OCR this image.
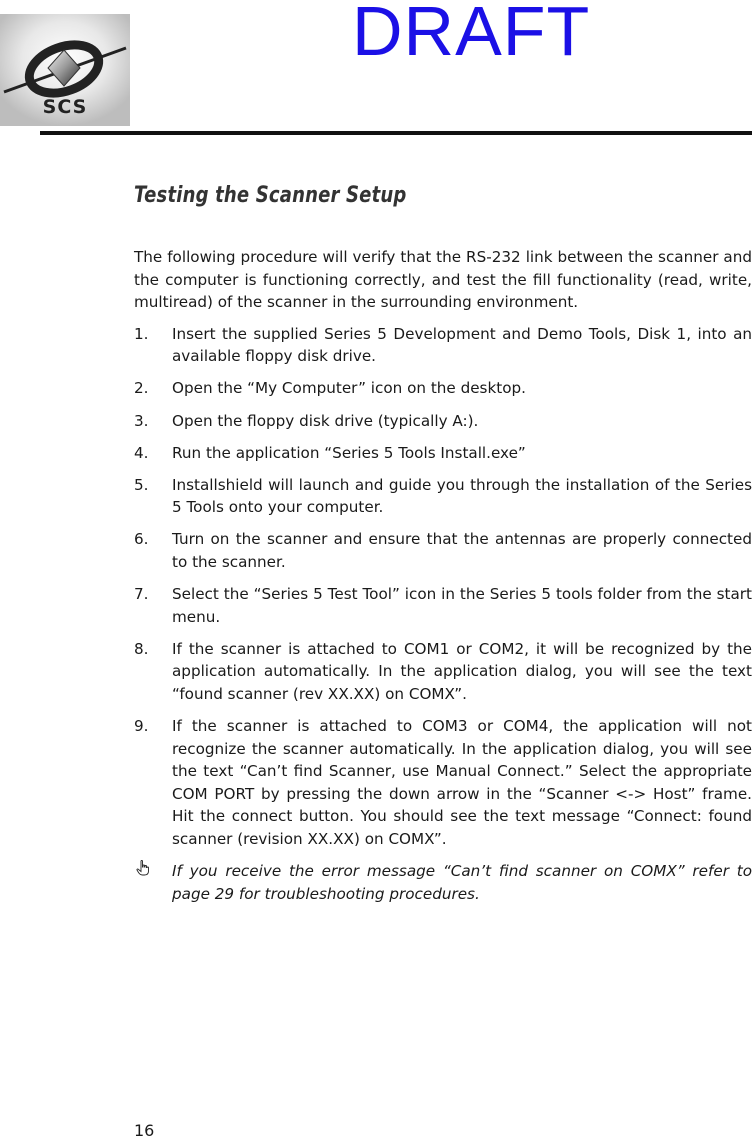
SCS
DRAFT
Testing the Scanner Setup

The following procedure will verify that the RS-232 link between the scanner and the computer is functioning correctly, and test the fill functionality (read, write, multiread) of the scanner in the surrounding environment.

1.	Insert the supplied Series 5 Development and Demo Tools, Disk 1, into an available floppy disk drive.
2.	Open the “My Computer” icon on the desktop.
3.	Open the floppy disk drive (typically A:).
4.	Run the application “Series 5 Tools Install.exe”
5.	Installshield will launch and guide you through the installation of the Series 5 Tools onto your computer.
6.	Turn on the scanner and ensure that the antennas are properly connected to the scanner.
7.	Select the “Series 5 Test Tool” icon in the Series 5 tools folder from the start menu.
8.	If the scanner is attached to COM1 or COM2, it will be recognized by the application automatically. In the application dialog, you will see the text “found scanner (rev XX.XX) on COMX”.
9.	If the scanner is attached to COM3 or COM4, the application will not recognize the scanner automatically. In the application dialog, you will see the text “Can’t find Scanner, use Manual Connect.” Select the appropriate COM PORT by pressing the down arrow in the “Scanner <-> Host” frame. Hit the connect button. You should see the text message “Connect: found scanner (revision XX.XX) on COMX”.
If you receive the error message “Can’t find scanner on COMX” refer to page 29 for troubleshooting procedures.
16
